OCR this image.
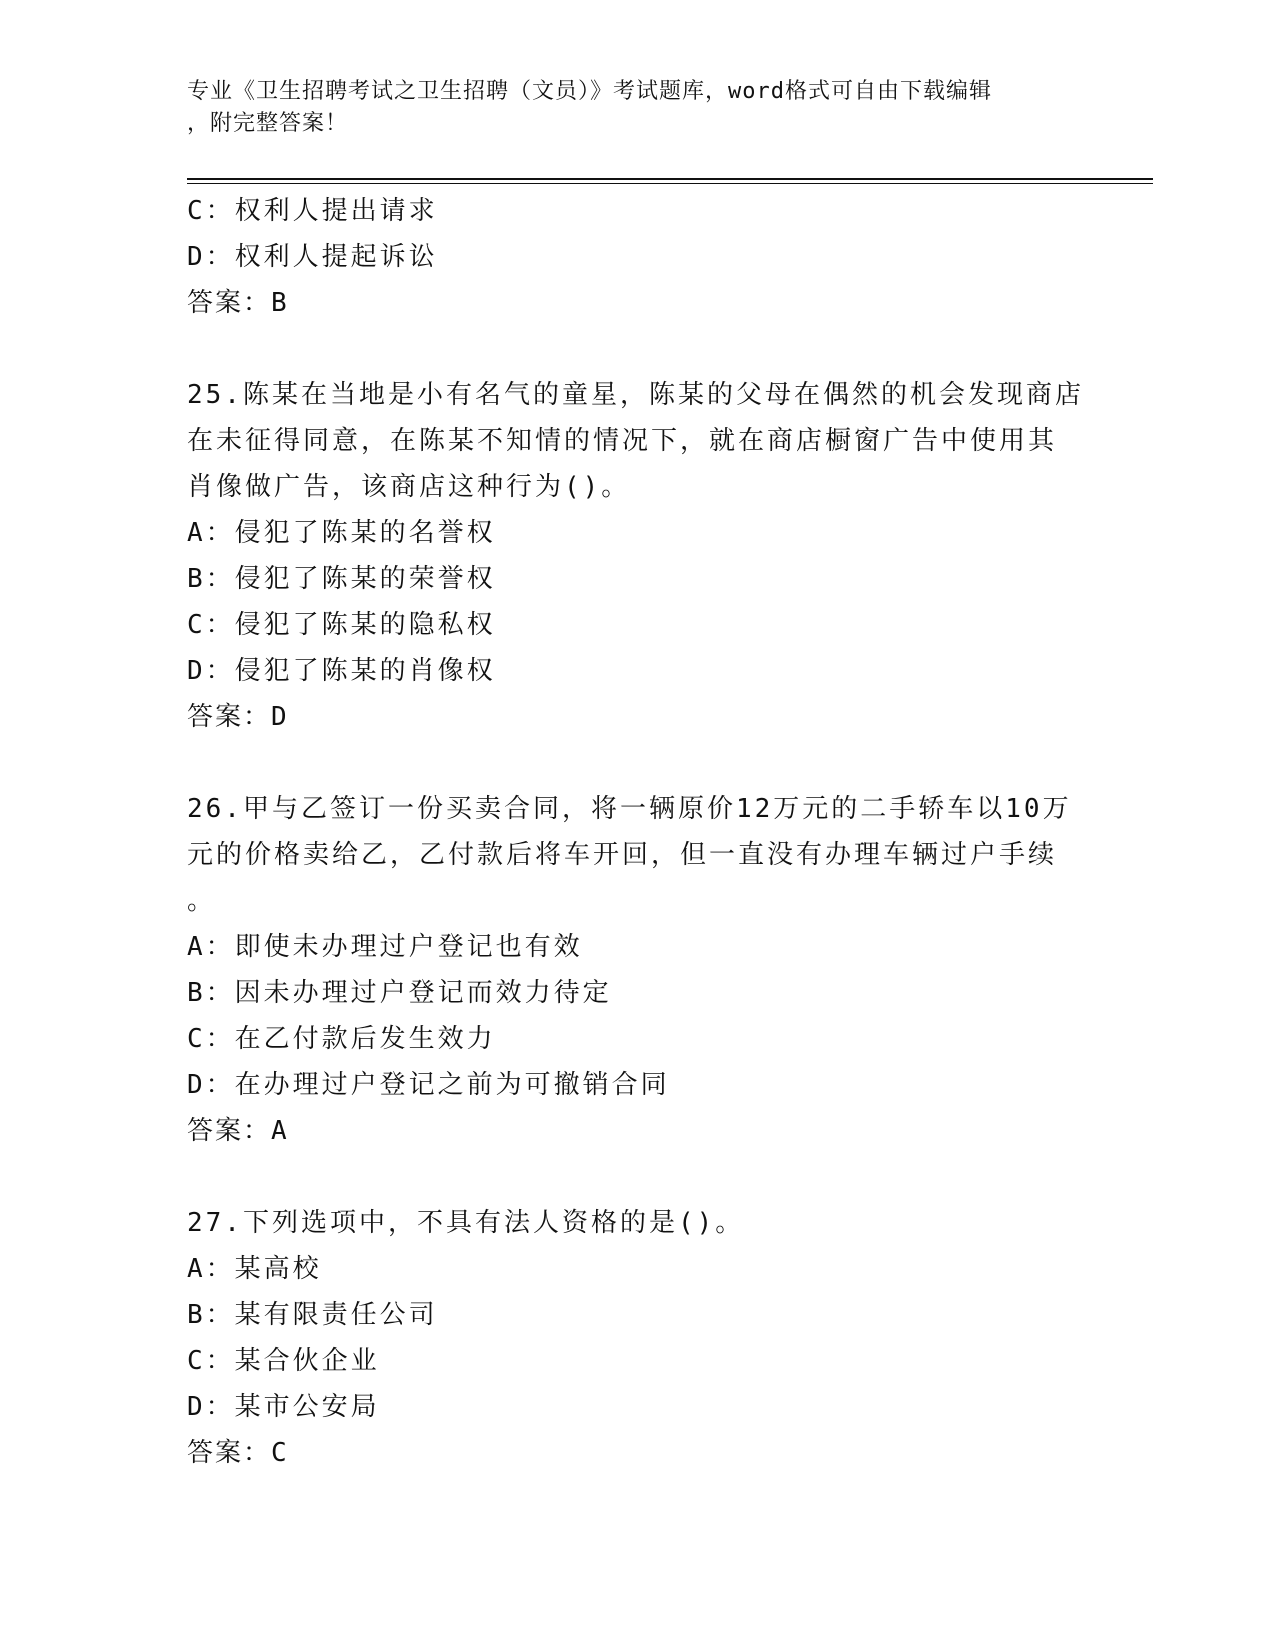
专业《卫生招聘考试之卫生招聘（文员）》考试题库，word格式可自由下载编辑
，附完整答案！
C：权利人提出请求
D：权利人提起诉讼
答案：B
25.陈某在当地是小有名气的童星，陈某的父母在偶然的机会发现商店
在未征得同意，在陈某不知情的情况下，就在商店橱窗广告中使用其
肖像做广告，该商店这种行为()。
A：侵犯了陈某的名誉权
B：侵犯了陈某的荣誉权
C：侵犯了陈某的隐私权
D：侵犯了陈某的肖像权
答案：D
26.甲与乙签订一份买卖合同，将一辆原价12万元的二手轿车以10万
元的价格卖给乙，乙付款后将车开回，但一直没有办理车辆过户手续
。
A：即使未办理过户登记也有效
B：因未办理过户登记而效力待定
C：在乙付款后发生效力
D：在办理过户登记之前为可撤销合同
答案：A
27.下列选项中，不具有法人资格的是()。
A：某高校
B：某有限责任公司
C：某合伙企业
D：某市公安局
答案：C
